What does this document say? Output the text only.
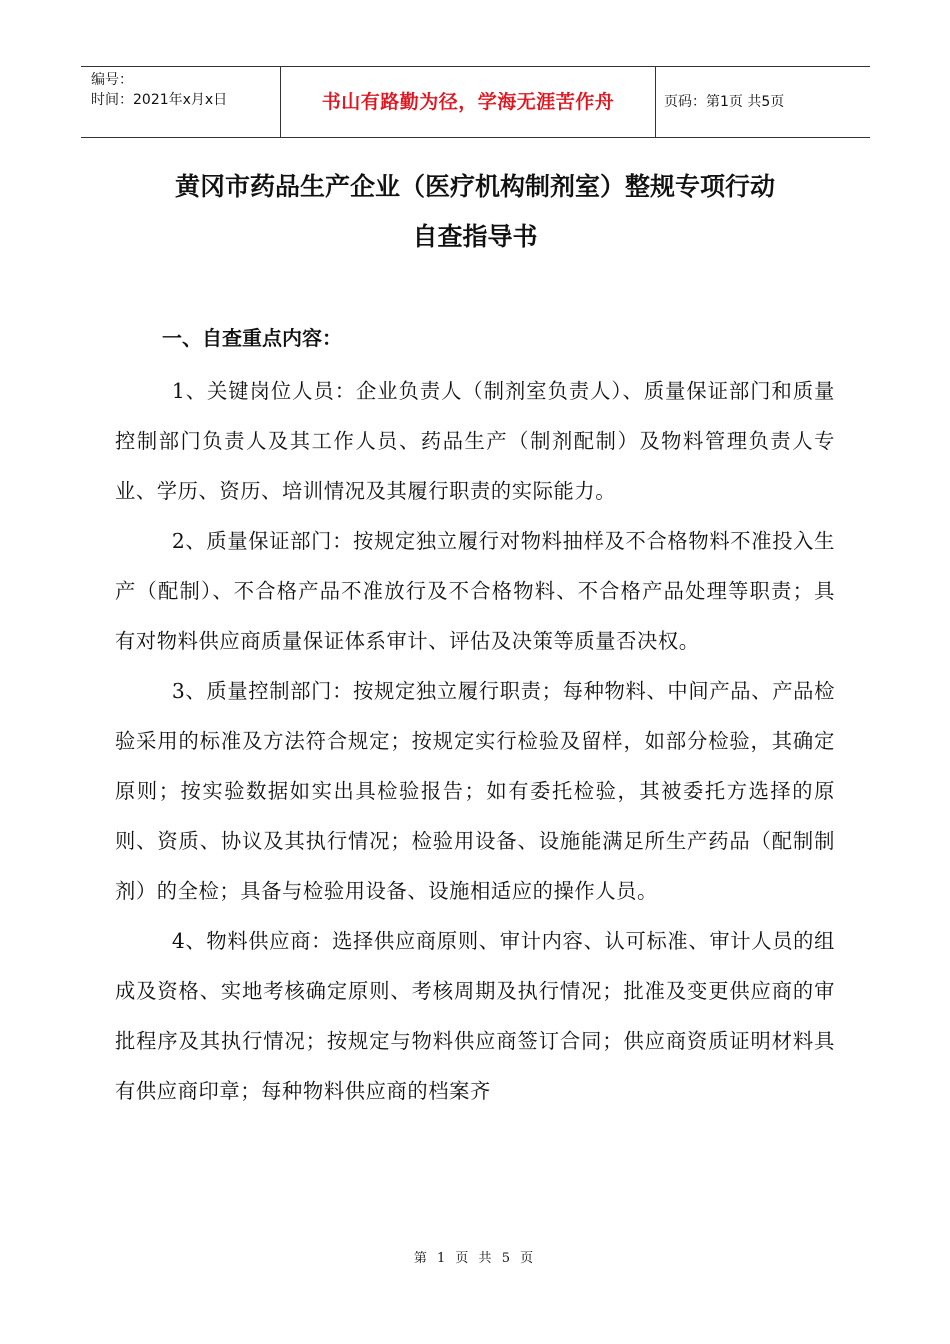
编号：
时间：2021年x月x日	书山有路勤为径，学海无涯苦作舟	页码：第1页 共5页
黄冈市药品生产企业（医疗机构制剂室）整规专项行动
自查指导书
一、自查重点内容：

1、关键岗位人员：企业负责人（制剂室负责人）、质量保证部门和质量控制部门负责人及其工作人员、药品生产（制剂配制）及物料管理负责人专业、学历、资历、培训情况及其履行职责的实际能力。

2、质量保证部门：按规定独立履行对物料抽样及不合格物料不准投入生产（配制）、不合格产品不准放行及不合格物料、不合格产品处理等职责；具有对物料供应商质量保证体系审计、评估及决策等质量否决权。

3、质量控制部门：按规定独立履行职责；每种物料、中间产品、产品检验采用的标准及方法符合规定；按规定实行检验及留样，如部分检验，其确定原则；按实验数据如实出具检验报告；如有委托检验，其被委托方选择的原则、资质、协议及其执行情况；检验用设备、设施能满足所生产药品（配制制剂）的全检；具备与检验用设备、设施相适应的操作人员。

4、物料供应商：选择供应商原则、审计内容、认可标准、审计人员的组成及资格、实地考核确定原则、考核周期及执行情况；批准及变更供应商的审批程序及其执行情况；按规定与物料供应商签订合同；供应商资质证明材料具有供应商印章；每种物料供应商的档案齐

第 1 页 共 5 页
